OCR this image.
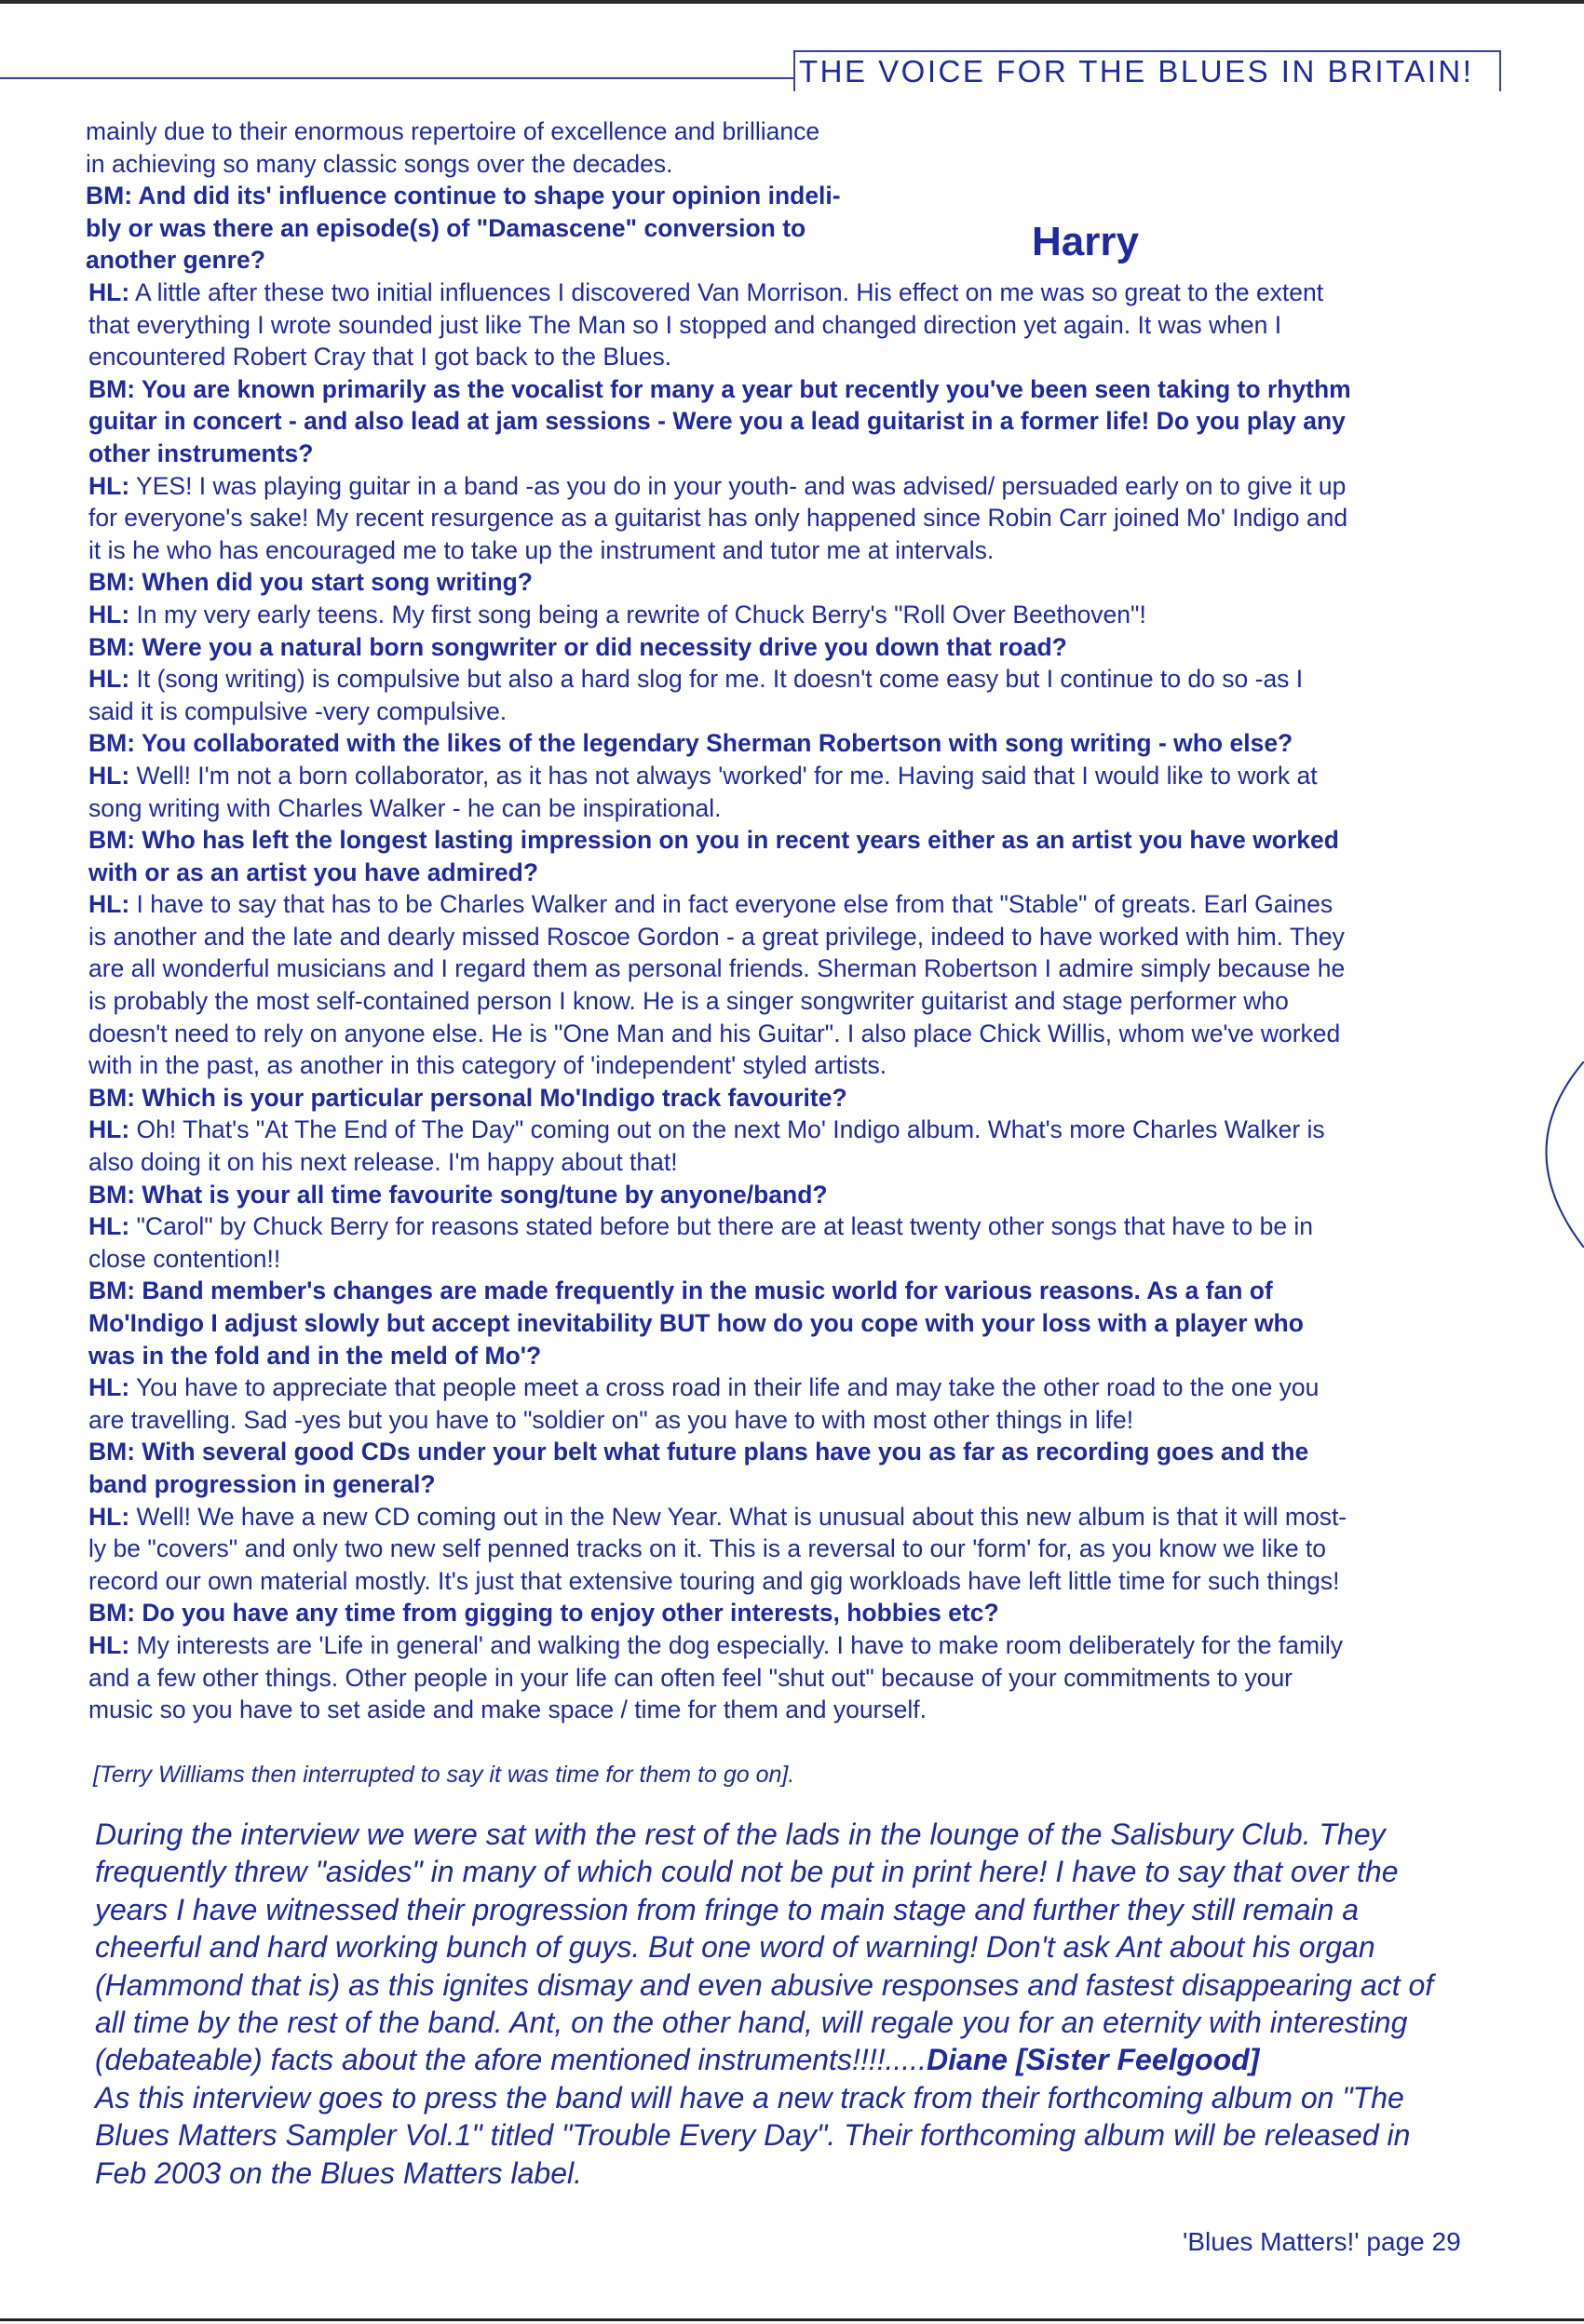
THE VOICE FOR THE BLUES IN BRITAIN!
Harry

mainly due to their enormous repertoire of excellence and brilliance

in achieving so many classic songs over the decades.

BM: And did its' influence continue to shape your opinion indeli-

bly or was there an episode(s) of "Damascene" conversion to

another genre?

HL: A little after these two initial influences I discovered Van Morrison. His effect on me was so great to the extent

that everything I wrote sounded just like The Man so I stopped and changed direction yet again. It was when I

encountered Robert Cray that I got back to the Blues.

BM: You are known primarily as the vocalist for many a year but recently you've been seen taking to rhythm

guitar in concert - and also lead at jam sessions - Were you a lead guitarist in a former life! Do you play any

other instruments?

HL: YES! I was playing guitar in a band -as you do in your youth- and was advised/ persuaded early on to give it up

for everyone's sake! My recent resurgence as a guitarist has only happened since Robin Carr joined Mo' Indigo and

it is he who has encouraged me to take up the instrument and tutor me at intervals.

BM: When did you start song writing?

HL: In my very early teens. My first song being a rewrite of Chuck Berry's "Roll Over Beethoven"!

BM: Were you a natural born songwriter or did necessity drive you down that road?

HL: It (song writing) is compulsive but also a hard slog for me. It doesn't come easy but I continue to do so -as I

said it is compulsive -very compulsive.

BM: You collaborated with the likes of the legendary Sherman Robertson with song writing - who else?

HL: Well! I'm not a born collaborator, as it has not always 'worked' for me. Having said that I would like to work at

song writing with Charles Walker - he can be inspirational.

BM: Who has left the longest lasting impression on you in recent years either as an artist you have worked

with or as an artist you have admired?

HL: I have to say that has to be Charles Walker and in fact everyone else from that "Stable" of greats. Earl Gaines

is another and the late and dearly missed Roscoe Gordon - a great privilege, indeed to have worked with him. They

are all wonderful musicians and I regard them as personal friends. Sherman Robertson I admire simply because he

is probably the most self-contained person I know. He is a singer songwriter guitarist and stage performer who

doesn't need to rely on anyone else. He is "One Man and his Guitar". I also place Chick Willis, whom we've worked

with in the past, as another in this category of 'independent' styled artists.

BM: Which is your particular personal Mo'Indigo track favourite?

HL: Oh! That's "At The End of The Day" coming out on the next Mo' Indigo album. What's more Charles Walker is

also doing it on his next release. I'm happy about that!

BM: What is your all time favourite song/tune by anyone/band?

HL: "Carol" by Chuck Berry for reasons stated before but there are at least twenty other songs that have to be in

close contention!!

BM: Band member's changes are made frequently in the music world for various reasons. As a fan of

Mo'Indigo I adjust slowly but accept inevitability BUT how do you cope with your loss with a player who

was in the fold and in the meld of Mo'?

HL: You have to appreciate that people meet a cross road in their life and may take the other road to the one you

are travelling. Sad -yes but you have to "soldier on" as you have to with most other things in life!

BM: With several good CDs under your belt what future plans have you as far as recording goes and the

band progression in general?

HL: Well! We have a new CD coming out in the New Year. What is unusual about this new album is that it will most-

ly be "covers" and only two new self penned tracks on it. This is a reversal to our 'form' for, as you know we like to

record our own material mostly. It's just that extensive touring and gig workloads have left little time for such things!

BM: Do you have any time from gigging to enjoy other interests, hobbies etc?

HL: My interests are 'Life in general' and walking the dog especially. I have to make room deliberately for the family

and a few other things. Other people in your life can often feel "shut out" because of your commitments to your

music so you have to set aside and make space / time for them and yourself.

[Terry Williams then interrupted to say it was time for them to go on].

During the interview we were sat with the rest of the lads in the lounge of the Salisbury Club. They

frequently threw "asides" in many of which could not be put in print here! I have to say that over the

years I have witnessed their progression from fringe to main stage and further they still remain a

cheerful and hard working bunch of guys. But one word of warning! Don't ask Ant about his organ

(Hammond that is) as this ignites dismay and even abusive responses and fastest disappearing act of

all time by the rest of the band. Ant, on the other hand, will regale you for an eternity with interesting

(debateable) facts about the afore mentioned instruments!!!!.....Diane [Sister Feelgood]

As this interview goes to press the band will have a new track from their forthcoming album on "The

Blues Matters Sampler Vol.1" titled "Trouble Every Day". Their forthcoming album will be released in

Feb 2003 on the Blues Matters label.

'Blues Matters!' page 29
